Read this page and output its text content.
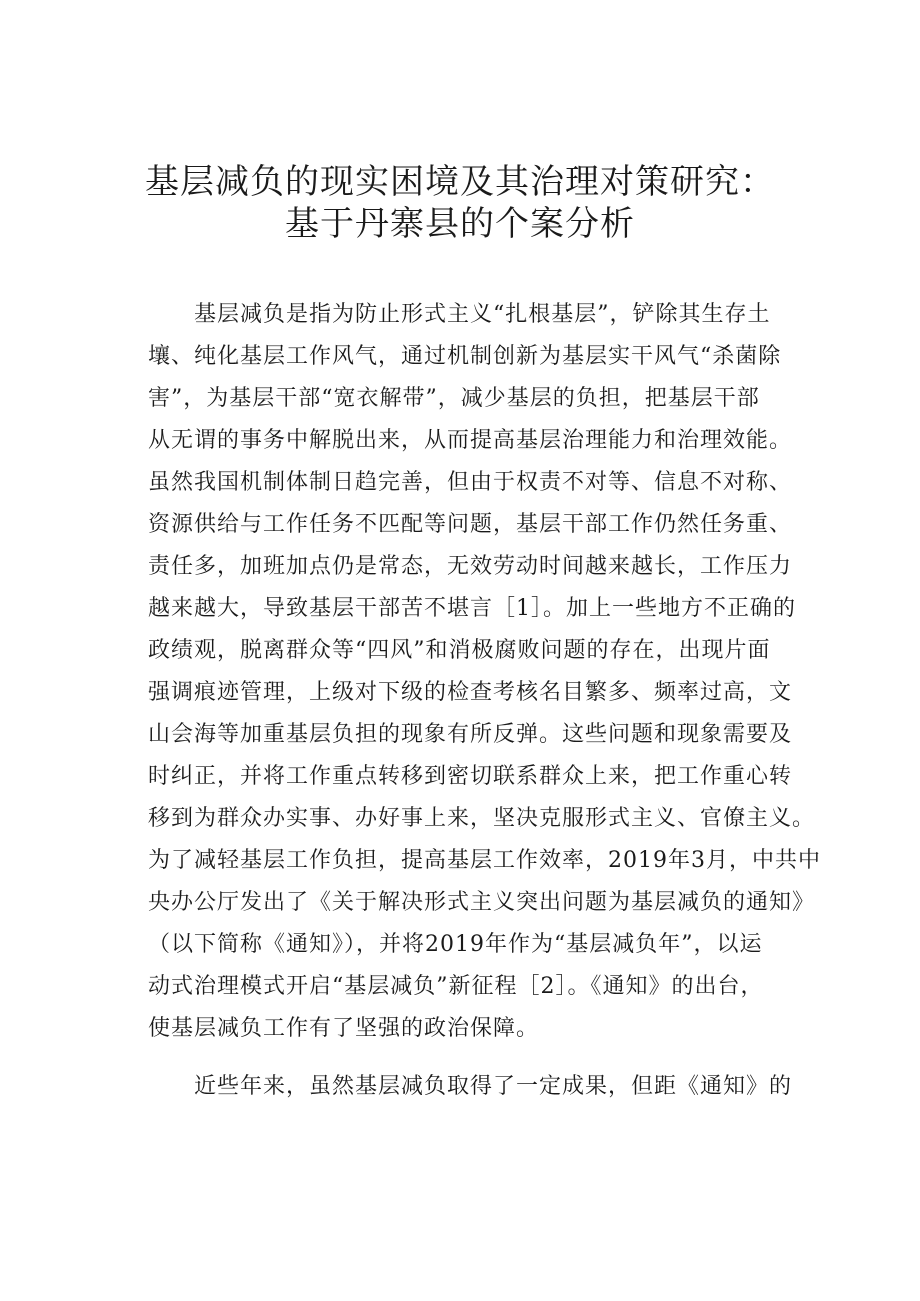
基层减负的现实困境及其治理对策研究：
基于丹寨县的个案分析
　　基层减负是指为防止形式主义“扎根基层”，铲除其生存土
壤、纯化基层工作风气，通过机制创新为基层实干风气“杀菌除
害”，为基层干部“宽衣解带”，减少基层的负担，把基层干部
从无谓的事务中解脱出来，从而提高基层治理能力和治理效能。
虽然我国机制体制日趋完善，但由于权责不对等、信息不对称、
资源供给与工作任务不匹配等问题，基层干部工作仍然任务重、
责任多，加班加点仍是常态，无效劳动时间越来越长，工作压力
越来越大，导致基层干部苦不堪言［1］。加上一些地方不正确的
政绩观，脱离群众等“四风”和消极腐败问题的存在，出现片面
强调痕迹管理，上级对下级的检查考核名目繁多、频率过高，文
山会海等加重基层负担的现象有所反弹。这些问题和现象需要及
时纠正，并将工作重点转移到密切联系群众上来，把工作重心转
移到为群众办实事、办好事上来，坚决克服形式主义、官僚主义。
为了减轻基层工作负担，提高基层工作效率，2019年3月，中共中
央办公厅发出了《关于解决形式主义突出问题为基层减负的通知》
（以下简称《通知》），并将2019年作为“基层减负年”，以运
动式治理模式开启“基层减负”新征程［2］。《通知》的出台，
使基层减负工作有了坚强的政治保障。
　　近些年来，虽然基层减负取得了一定成果，但距《通知》的
